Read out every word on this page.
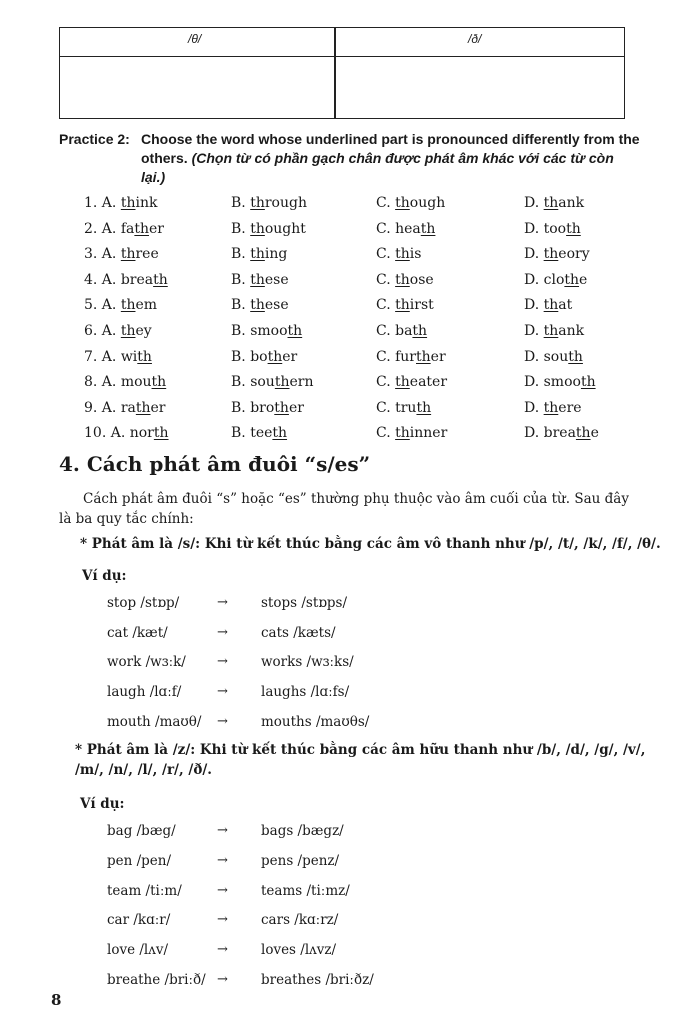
/θ/	/ð/
Practice 2: Choose the word whose underlined part is pronounced differently from the others. (Chọn từ có phần gạch chân được phát âm khác với các từ còn lại.)
1. A. think	B. through	C. though	D. thank
2. A. father	B. thought	C. heath	D. tooth
3. A. three	B. thing	C. this	D. theory
4. A. breath	B. these	C. those	D. clothe
5. A. them	B. these	C. thirst	D. that
6. A. they	B. smooth	C. bath	D. thank
7. A. with	B. bother	C. further	D. south
8. A. mouth	B. southern	C. theater	D. smooth
9. A. rather	B. brother	C. truth	D. there
10. A. north	B. teeth	C. thinner	D. breathe
4. Cách phát âm đuôi “s/es”
Cách phát âm đuôi “s” hoặc “es” thường phụ thuộc vào âm cuối của từ. Sau đây là ba quy tắc chính:
* Phát âm là /s/: Khi từ kết thúc bằng các âm vô thanh như /p/, /t/, /k/, /f/, /θ/.
Ví dụ:
stop /stɒp/	→ stops /stɒps/
cat /kæt/	→ cats /kæts/
work /wɜːk/ → works /wɜːks/
laugh /lɑːf/	→ laughs /lɑːfs/
mouth /maʊθ/ → mouths /maʊθs/
* Phát âm là /z/: Khi từ kết thúc bằng các âm hữu thanh như /b/, /d/, /g/, /v/, /m/, /n/, /l/, /r/, /ð/.
Ví dụ:
bag /bæg/	→ bags /bægz/
pen /pen/	→ pens /penz/
team /tiːm/	→ teams /tiːmz/
car /kɑːr/	→ cars /kɑːrz/
love /lʌv/	→ loves /lʌvz/
breathe /briːð/ → breathes /briːðz/
8
